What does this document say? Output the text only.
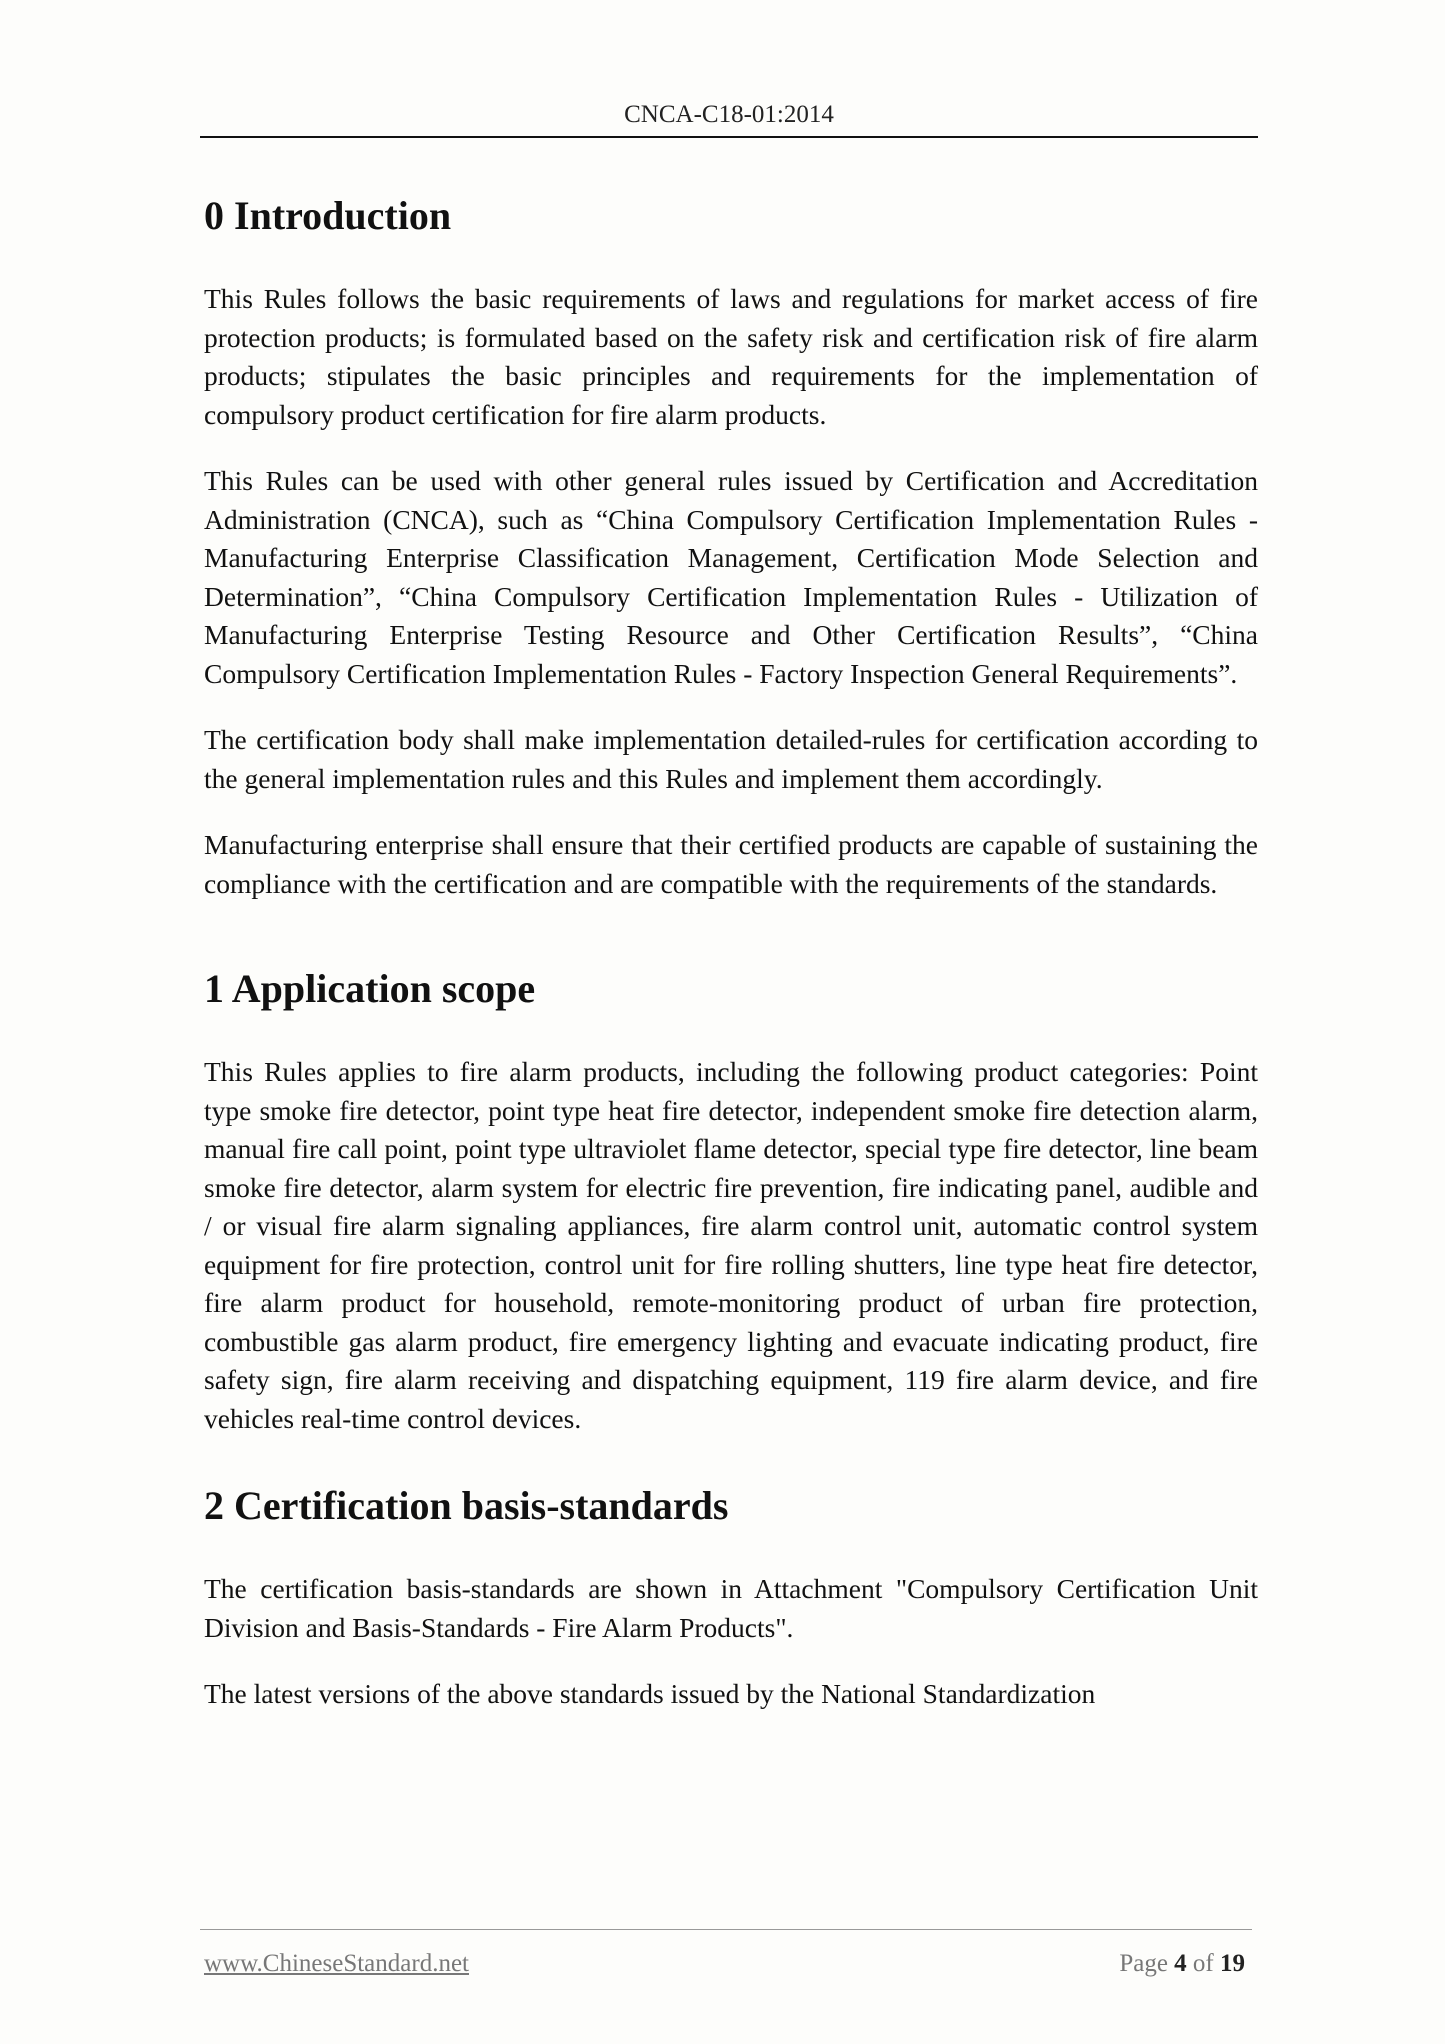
CNCA-C18-01:2014
0 Introduction

This Rules follows the basic requirements of laws and regulations for market access of fire protection products; is formulated based on the safety risk and certification risk of fire alarm products; stipulates the basic principles and requirements for the implementation of compulsory product certification for fire alarm products.

This Rules can be used with other general rules issued by Certification and Accreditation Administration (CNCA), such as “China Compulsory Certification Implementation Rules - Manufacturing Enterprise Classification Management, Certification Mode Selection and Determination”, “China Compulsory Certification Implementation Rules - Utilization of Manufacturing Enterprise Testing Resource and Other Certification Results”, “China Compulsory Certification Implementation Rules - Factory Inspection General Requirements”.

The certification body shall make implementation detailed-rules for certification according to the general implementation rules and this Rules and implement them accordingly.

Manufacturing enterprise shall ensure that their certified products are capable of sustaining the compliance with the certification and are compatible with the requirements of the standards.

1 Application scope

This Rules applies to fire alarm products, including the following product categories: Point type smoke fire detector, point type heat fire detector, independent smoke fire detection alarm, manual fire call point, point type ultraviolet flame detector, special type fire detector, line beam smoke fire detector, alarm system for electric fire prevention, fire indicating panel, audible and / or visual fire alarm signaling appliances, fire alarm control unit, automatic control system equipment for fire protection, control unit for fire rolling shutters, line type heat fire detector, fire alarm product for household, remote-monitoring product of urban fire protection, combustible gas alarm product, fire emergency lighting and evacuate indicating product, fire safety sign, fire alarm receiving and dispatching equipment, 119 fire alarm device, and fire vehicles real-time control devices.

2 Certification basis-standards

The certification basis-standards are shown in Attachment "Compulsory Certification Unit Division and Basis-Standards - Fire Alarm Products".

The latest versions of the above standards issued by the National Standardization

www.ChineseStandard.net	Page 4 of 19
